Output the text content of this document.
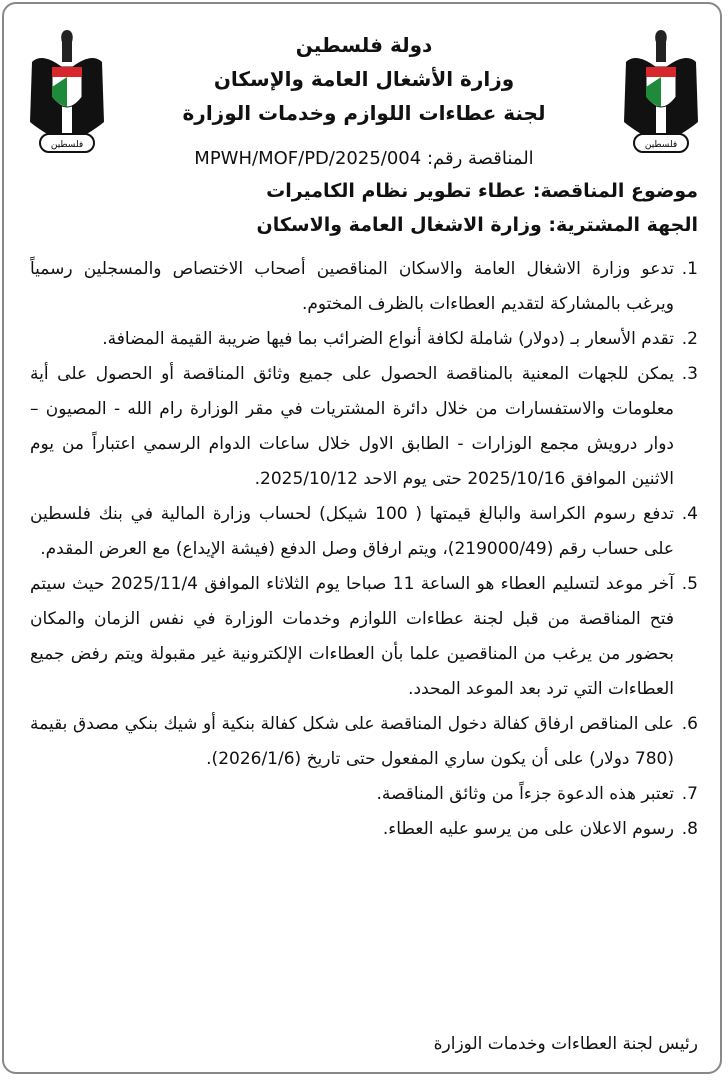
فلسطين
فلسطين
دولة فلسطين
وزارة الأشغال العامة والإسكان
لجنة عطاءات اللوازم وخدمات الوزارة
المناقصة رقم: MPWH/MOF/PD/2025/004
موضوع المناقصة: عطاء تطوير نظام الكاميرات
الجهة المشترية: وزارة الاشغال العامة والاسكان
1.
تدعو وزارة الاشغال العامة والاسكان المناقصين أصحاب الاختصاص والمسجلين رسمياً ويرغب بالمشاركة لتقديم العطاءات بالظرف المختوم.
2.
تقدم الأسعار بـ (دولار) شاملة لكافة أنواع الضرائب بما فيها ضريبة القيمة المضافة.
3.
يمكن للجهات المعنية بالمناقصة الحصول على جميع وثائق المناقصة أو الحصول على أية معلومات والاستفسارات من خلال دائرة المشتريات في مقر الوزارة رام الله - المصيون – دوار درويش مجمع الوزارات - الطابق الاول خلال ساعات الدوام الرسمي اعتباراً من يوم الاثنين الموافق 2025/10/16 حتى يوم الاحد 2025/10/12.
4.
تدفع رسوم الكراسة والبالغ قيمتها ( 100 شيكل) لحساب وزارة المالية في بنك فلسطين على حساب رقم (219000/49)، ويتم ارفاق وصل الدفع (فيشة الإيداع) مع العرض المقدم.
5.
آخر موعد لتسليم العطاء هو الساعة 11 صباحا يوم الثلاثاء الموافق 2025/11/4 حيث سيتم فتح المناقصة من قبل لجنة عطاءات اللوازم وخدمات الوزارة في نفس الزمان والمكان بحضور من يرغب من المناقصين علما بأن العطاءات الإلكترونية غير مقبولة ويتم رفض جميع العطاءات التي ترد بعد الموعد المحدد.
6.
على المناقص ارفاق كفالة دخول المناقصة على شكل كفالة بنكية أو شيك بنكي مصدق بقيمة (780 دولار) على أن يكون ساري المفعول حتى تاريخ (2026/1/6).
7.
تعتبر هذه الدعوة جزءاً من وثائق المناقصة.
8.
رسوم الاعلان على من يرسو عليه العطاء.
رئيس لجنة العطاءات وخدمات الوزارة
